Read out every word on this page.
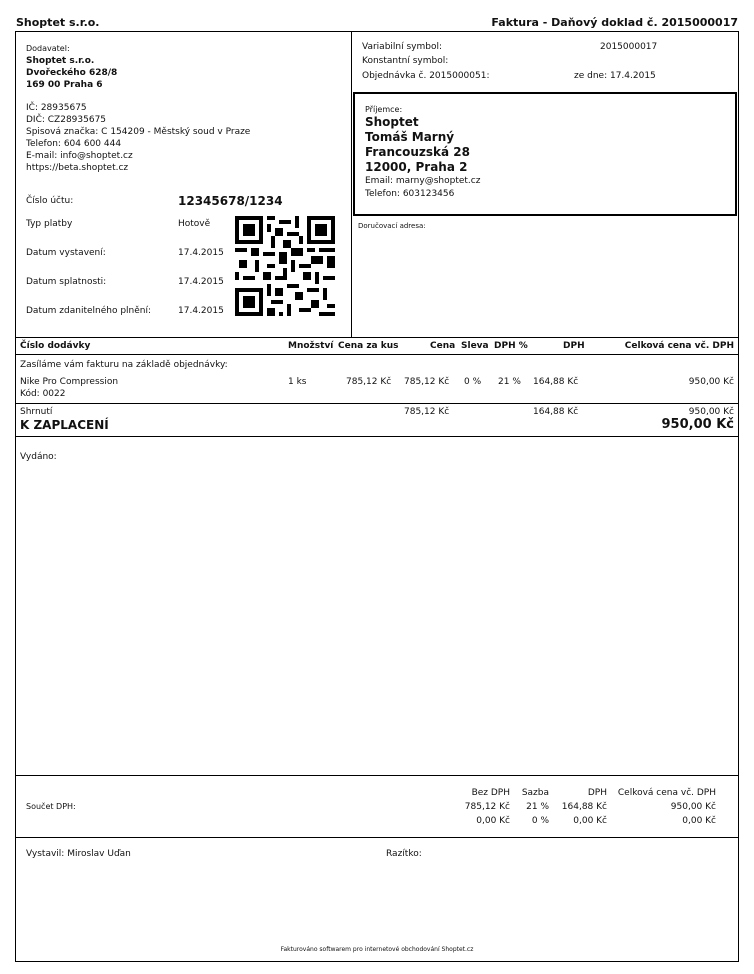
Shoptet s.r.o.	Faktura - Daňový doklad č. 2015000017
Dodavatel:
Shoptet s.r.o.
Dvořeckého 628/8
169 00 Praha 6
IČ: 28935675
DIČ: CZ28935675
Spisová značka: C 154209 - Městský soud v Praze
Telefon: 604 600 444
E-mail: info@shoptet.cz
https://beta.shoptet.cz
Číslo účtu:	12345678/1234
Typ platby	Hotově
Datum vystavení:	17.4.2015
Datum splatnosti:	17.4.2015
Datum zdanitelného plnění:	17.4.2015
Variabilní symbol:	2015000017
Konstantní symbol:
Objednávka č. 2015000051:	ze dne: 17.4.2015
Příjemce:
Shoptet
Tomáš Marný
Francouzská 28
12000, Praha 2
Email: marny@shoptet.cz
Telefon: 603123456
Doručovací adresa:
Číslo dodávky	Množství Cena za kus	Cena Sleva DPH %	DPH	Celková cena vč. DPH
Zasíláme vám fakturu na základě objednávky:
Nike Pro Compression
Kód: 0022
1 ks	785,12 Kč 785,12 Kč 0 % 21 % 164,88 Kč	950,00 Kč
Shrnutí	785,12 Kč	164,88 Kč	950,00 Kč
K ZAPLACENÍ	950,00 Kč
Vydáno:
Součet DPH:
Bez DPH	Sazba	DPH	Celková cena vč. DPH
785,12 Kč	21 %	164,88 Kč	950,00 Kč
0,00 Kč	0 %	0,00 Kč	0,00 Kč
Vystavil: Miroslav Uďan	Razítko:
Fakturováno softwarem pro internetové obchodování Shoptet.cz
